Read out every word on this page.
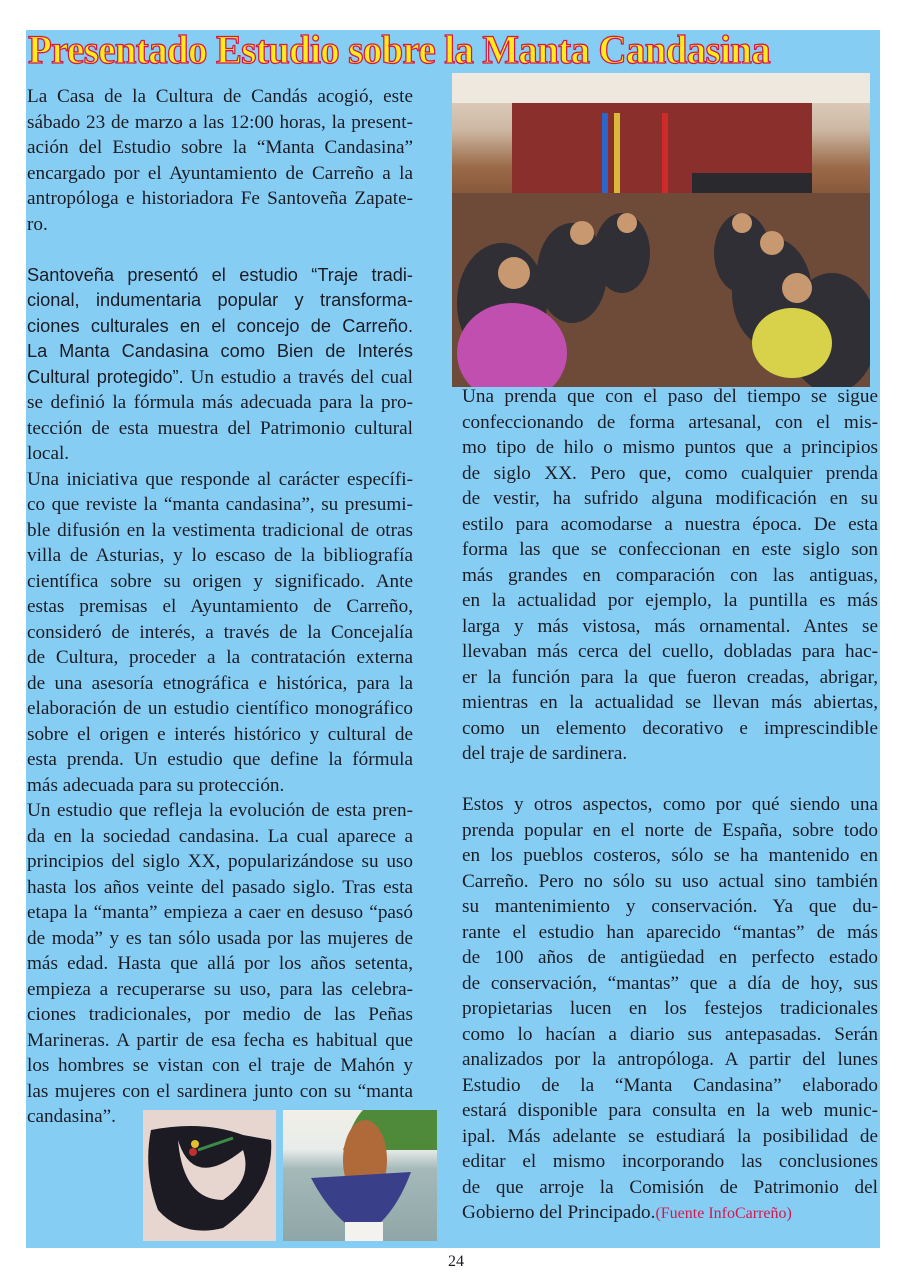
Presentado Estudio sobre la Manta Candasina
La Casa de la Cultura de Candás acogió, este
sábado 23 de marzo a las 12:00 horas, la present-
ación del Estudio sobre la “Manta Candasina”
encargado por el Ayuntamiento de Carreño a la
antropóloga e historiadora Fe Santoveña Zapate-
ro.
Santoveña presentó el estudio “Traje tradi-
cional, indumentaria popular y transforma-
ciones culturales en el concejo de Carreño.
La Manta Candasina como Bien de Interés
Cultural protegido”. Un estudio a través del cual
se definió la fórmula más adecuada para la pro-
tección de esta muestra del Patrimonio cultural
local.
Una iniciativa que responde al carácter específi-
co que reviste la “manta candasina”, su presumi-
ble difusión en la vestimenta tradicional de otras
villa de Asturias, y lo escaso de la bibliografía
científica sobre su origen y significado. Ante
estas premisas el Ayuntamiento de Carreño,
consideró de interés, a través de la Concejalía
de Cultura, proceder a la contratación externa
de una asesoría etnográfica e histórica, para la
elaboración de un estudio científico monográfico
sobre el origen e interés histórico y cultural de
esta prenda. Un estudio que define la fórmula
más adecuada para su protección.
Un estudio que refleja la evolución de esta pren-
da en la sociedad candasina. La cual aparece a
principios del siglo XX, popularizándose su uso
hasta los años veinte del pasado siglo. Tras esta
etapa la “manta” empieza a caer en desuso “pasó
de moda” y es tan sólo usada por las mujeres de
más edad. Hasta que allá por los años setenta,
empieza a recuperarse su uso, para las celebra-
ciones tradicionales, por medio de las Peñas
Marineras. A partir de esa fecha es habitual que
los hombres se vistan con el traje de Mahón y
las mujeres con el sardinera junto con su “manta
candasina”.
Una prenda que con el paso del tiempo se sigue
confeccionando de forma artesanal, con el mis-
mo tipo de hilo o mismo puntos que a principios
de siglo XX. Pero que, como cualquier prenda
de vestir, ha sufrido alguna modificación en su
estilo para acomodarse a nuestra época. De esta
forma las que se confeccionan en este siglo son
más grandes en comparación con las antiguas,
en la actualidad por ejemplo, la puntilla es más
larga y más vistosa, más ornamental. Antes se
llevaban más cerca del cuello, dobladas para hac-
er la función para la que fueron creadas, abrigar,
mientras en la actualidad se llevan más abiertas,
como un elemento decorativo e imprescindible
del traje de sardinera.
Estos y otros aspectos, como por qué siendo una
prenda popular en el norte de España, sobre todo
en los pueblos costeros, sólo se ha mantenido en
Carreño. Pero no sólo su uso actual sino también
su mantenimiento y conservación. Ya que du-
rante el estudio han aparecido “mantas” de más
de 100 años de antigüedad en perfecto estado
de conservación, “mantas” que a día de hoy, sus
propietarias lucen en los festejos tradicionales
como lo hacían a diario sus antepasadas. Serán
analizados por la antropóloga. A partir del lunes
Estudio de la “Manta Candasina” elaborado
estará disponible para consulta en la web munic-
ipal. Más adelante se estudiará la posibilidad de
editar el mismo incorporando las conclusiones
de que arroje la Comisión de Patrimonio del
Gobierno del Principado.(Fuente InfoCarreño)
24
